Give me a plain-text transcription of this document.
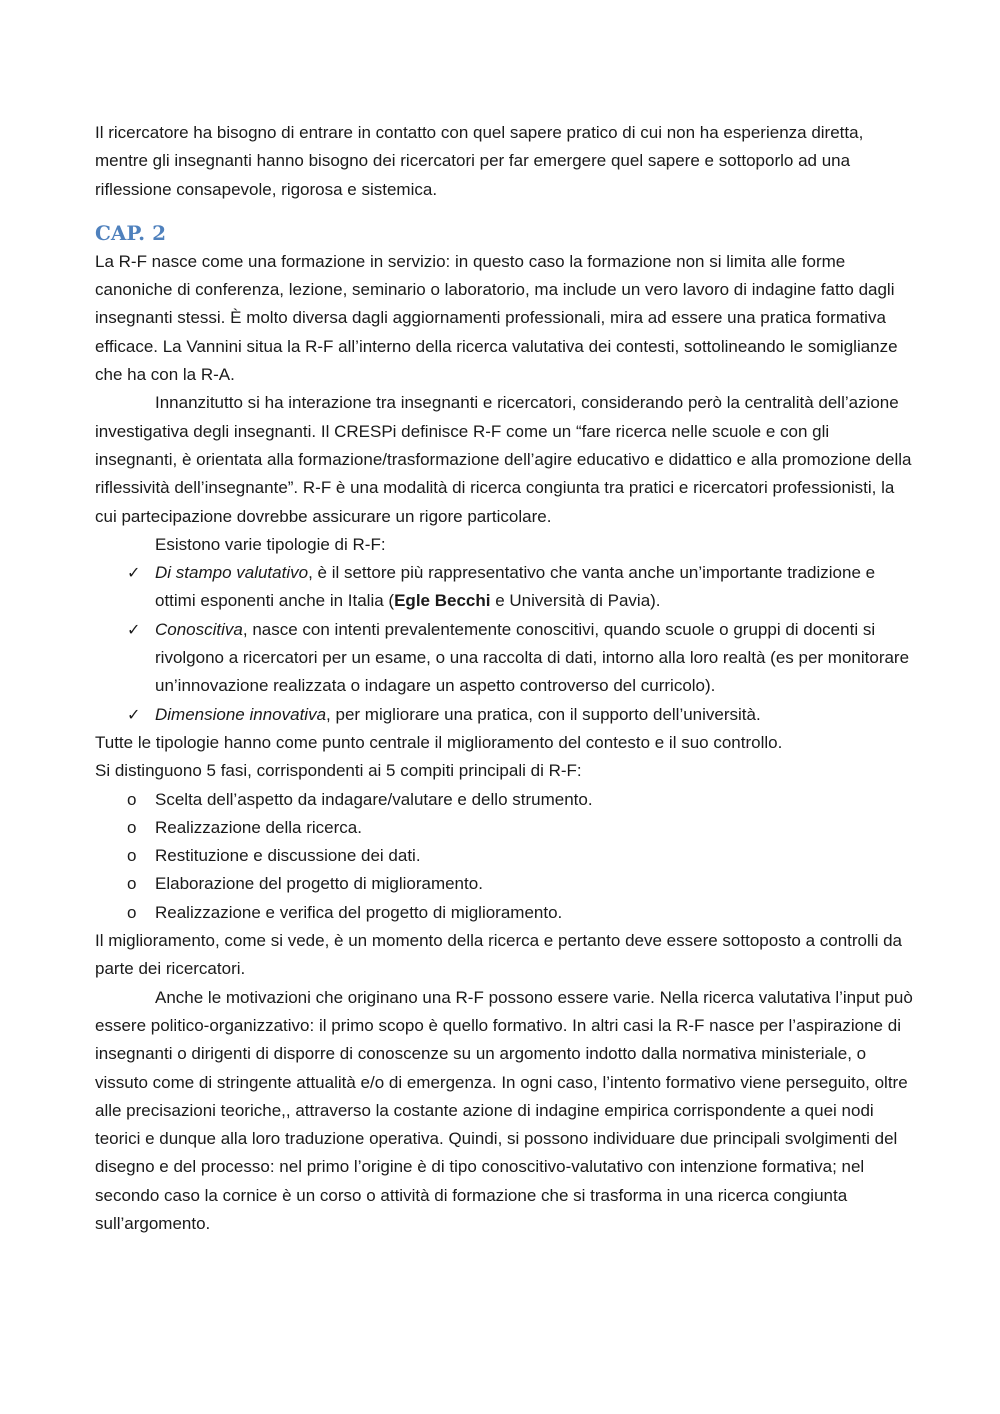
Il ricercatore ha bisogno di entrare in contatto con quel sapere pratico di cui non ha esperienza diretta, mentre gli insegnanti hanno bisogno dei ricercatori per far emergere quel sapere e sottoporlo ad una riflessione consapevole, rigorosa e sistemica.

CAP. 2

La R-F nasce come una formazione in servizio: in questo caso la formazione non si limita alle forme canoniche di conferenza, lezione, seminario o laboratorio, ma include un vero lavoro di indagine fatto dagli insegnanti stessi. È molto diversa dagli aggiornamenti professionali, mira ad essere una pratica formativa efficace. La Vannini situa la R-F all’interno della ricerca valutativa dei contesti, sottolineando le somiglianze che ha con la R-A.

Innanzitutto si ha interazione tra insegnanti e ricercatori, considerando però la centralità dell’azione investigativa degli insegnanti. Il CRESPi definisce R-F come un “fare ricerca nelle scuole e con gli insegnanti, è orientata alla formazione/trasformazione dell’agire educativo e didattico e alla promozione della riflessività dell’insegnante”. R-F è una modalità di ricerca congiunta tra pratici e ricercatori professionisti, la cui partecipazione dovrebbe assicurare un rigore particolare.

Esistono varie tipologie di R-F:

✓ Di stampo valutativo, è il settore più rappresentativo che vanta anche un’importante tradizione e ottimi esponenti anche in Italia (Egle Becchi e Università di Pavia).
✓ Conoscitiva, nasce con intenti prevalentemente conoscitivi, quando scuole o gruppi di docenti si rivolgono a ricercatori per un esame, o una raccolta di dati, intorno alla loro realtà (es per monitorare un’innovazione realizzata o indagare un aspetto controverso del curricolo).
✓ Dimensione innovativa, per migliorare una pratica, con il supporto dell’università.

Tutte le tipologie hanno come punto centrale il miglioramento del contesto e il suo controllo.

Si distinguono 5 fasi, corrispondenti ai 5 compiti principali di R-F:

o	Scelta dell’aspetto da indagare/valutare e dello strumento.
o	Realizzazione della ricerca.
o	Restituzione e discussione dei dati.
o	Elaborazione del progetto di miglioramento.
o	Realizzazione e verifica del progetto di miglioramento.

Il miglioramento, come si vede, è un momento della ricerca e pertanto deve essere sottoposto a controlli da parte dei ricercatori.

Anche le motivazioni che originano una R-F possono essere varie. Nella ricerca valutativa l’input può essere politico-organizzativo: il primo scopo è quello formativo. In altri casi la R-F nasce per l’aspirazione di insegnanti o dirigenti di disporre di conoscenze su un argomento indotto dalla normativa ministeriale, o vissuto come di stringente attualità e/o di emergenza. In ogni caso, l’intento formativo viene perseguito, oltre alle precisazioni teoriche,, attraverso la costante azione di indagine empirica corrispondente a quei nodi teorici e dunque alla loro traduzione operativa. Quindi, si possono individuare due principali svolgimenti del disegno e del processo: nel primo l’origine è di tipo conoscitivo-valutativo con intenzione formativa; nel secondo caso la cornice è un corso o attività di formazione che si trasforma in una ricerca congiunta sull’argomento.
